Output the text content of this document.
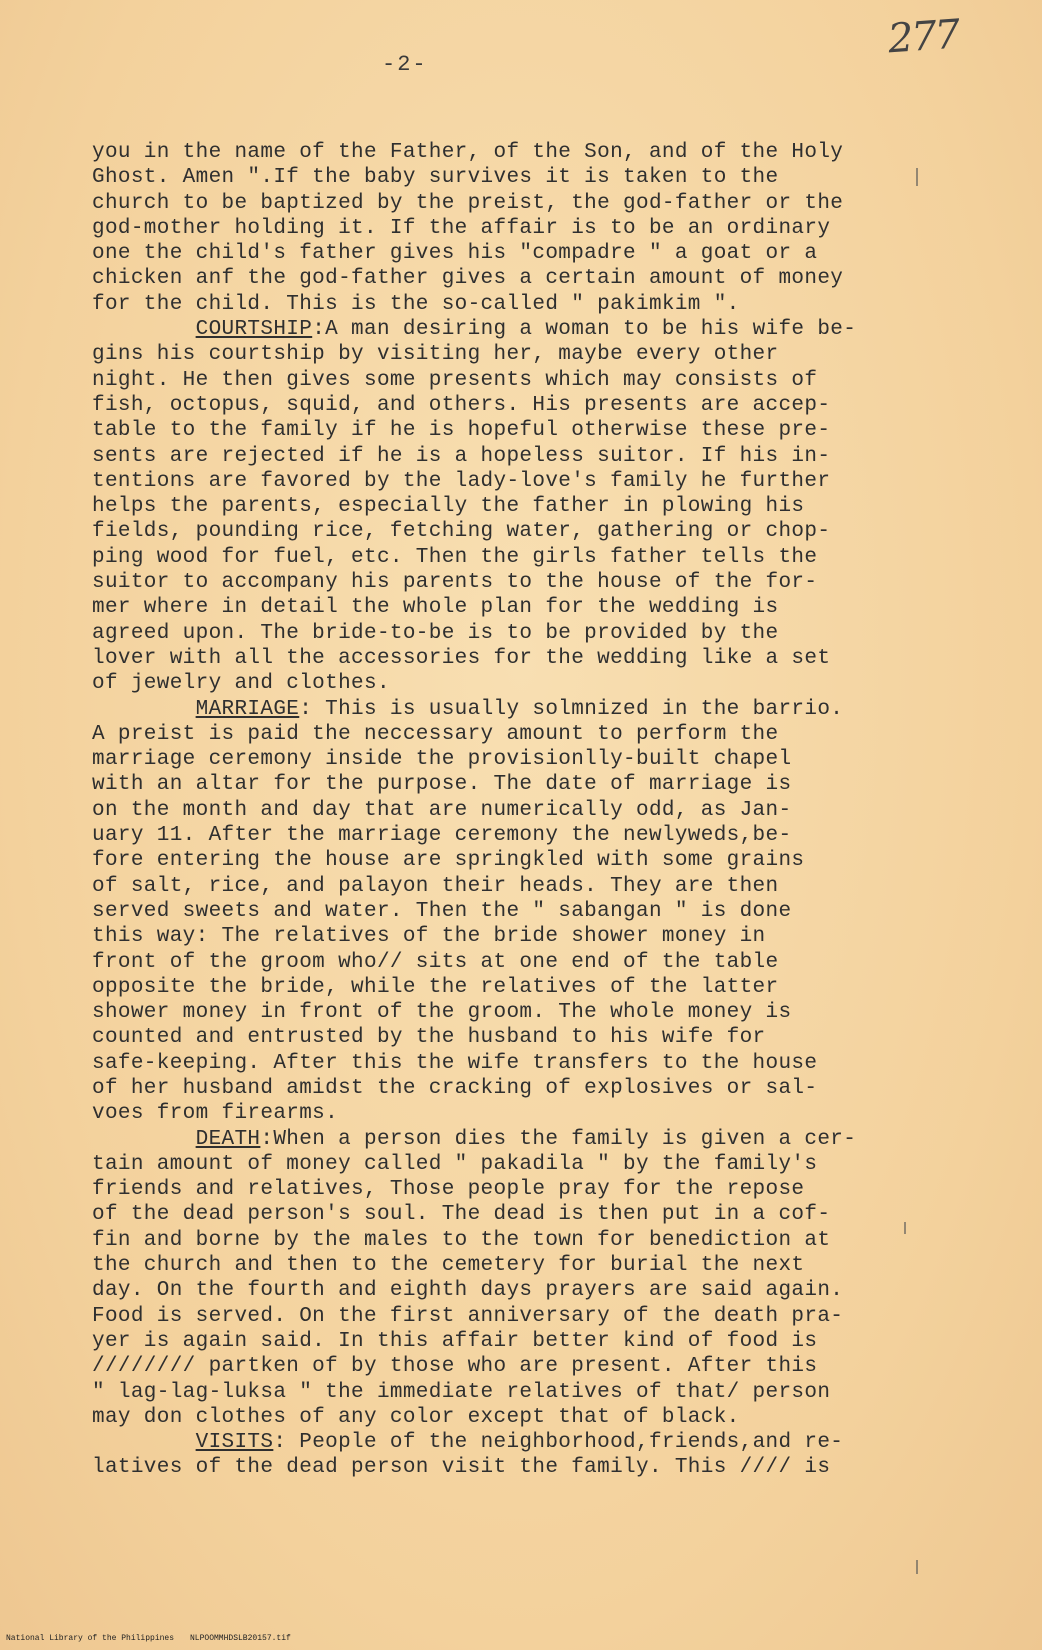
277
-2-
you in the name of the Father, of the Son, and of the Holy
Ghost. Amen ".If the baby survives it is taken to the
church to be baptized by the preist, the god-father or the
god-mother holding it. If the affair is to be an ordinary
one the child's father gives his "compadre " a goat or a
chicken anf the god-father gives a certain amount of money
for the child. This is the so-called " pakimkim ".
COURTSHIP:A man desiring a woman to be his wife be-
gins his courtship by visiting her, maybe every other
night. He then gives some presents which may consists of
fish, octopus, squid, and others. His presents are accep-
table to the family if he is hopeful otherwise these pre-
sents are rejected if he is a hopeless suitor. If his in-
tentions are favored by the lady-love's family he further
helps the parents, especially the father in plowing his
fields, pounding rice, fetching water, gathering or chop-
ping wood for fuel, etc. Then the girls father tells the
suitor to accompany his parents to the house of the for-
mer where in detail the whole plan for the wedding is
agreed upon. The bride-to-be is to be provided by the
lover with all the accessories for the wedding like a set
of jewelry and clothes.
MARRIAGE: This is usually solmnized in the barrio.
A preist is paid the neccessary amount to perform the
marriage ceremony inside the provisionlly-built chapel
with an altar for the purpose. The date of marriage is
on the month and day that are numerically odd, as Jan-
uary 11. After the marriage ceremony the newlyweds,be-
fore entering the house are springkled with some grains
of salt, rice, and palayon their heads. They are then
served sweets and water. Then the " sabangan " is done
this way: The relatives of the bride shower money in
front of the groom who// sits at one end of the table
opposite the bride, while the relatives of the latter
shower money in front of the groom. The whole money is
counted and entrusted by the husband to his wife for
safe-keeping. After this the wife transfers to the house
of her husband amidst the cracking of explosives or sal-
voes from firearms.
DEATH:When a person dies the family is given a cer-
tain amount of money called " pakadila " by the family's
friends and relatives, Those people pray for the repose
of the dead person's soul. The dead is then put in a cof-
fin and borne by the males to the town for benediction at
the church and then to the cemetery for burial the next
day. On the fourth and eighth days prayers are said again.
Food is served. On the first anniversary of the death pra-
yer is again said. In this affair better kind of food is
//////// partken of by those who are present. After this
" lag-lag-luksa " the immediate relatives of that/ person
may don clothes of any color except that of black.
VISITS: People of the neighborhood,friends,and re-
latives of the dead person visit the family. This //// is
National Library of the Philippines NLPOOMMHDSLB20157.tif
